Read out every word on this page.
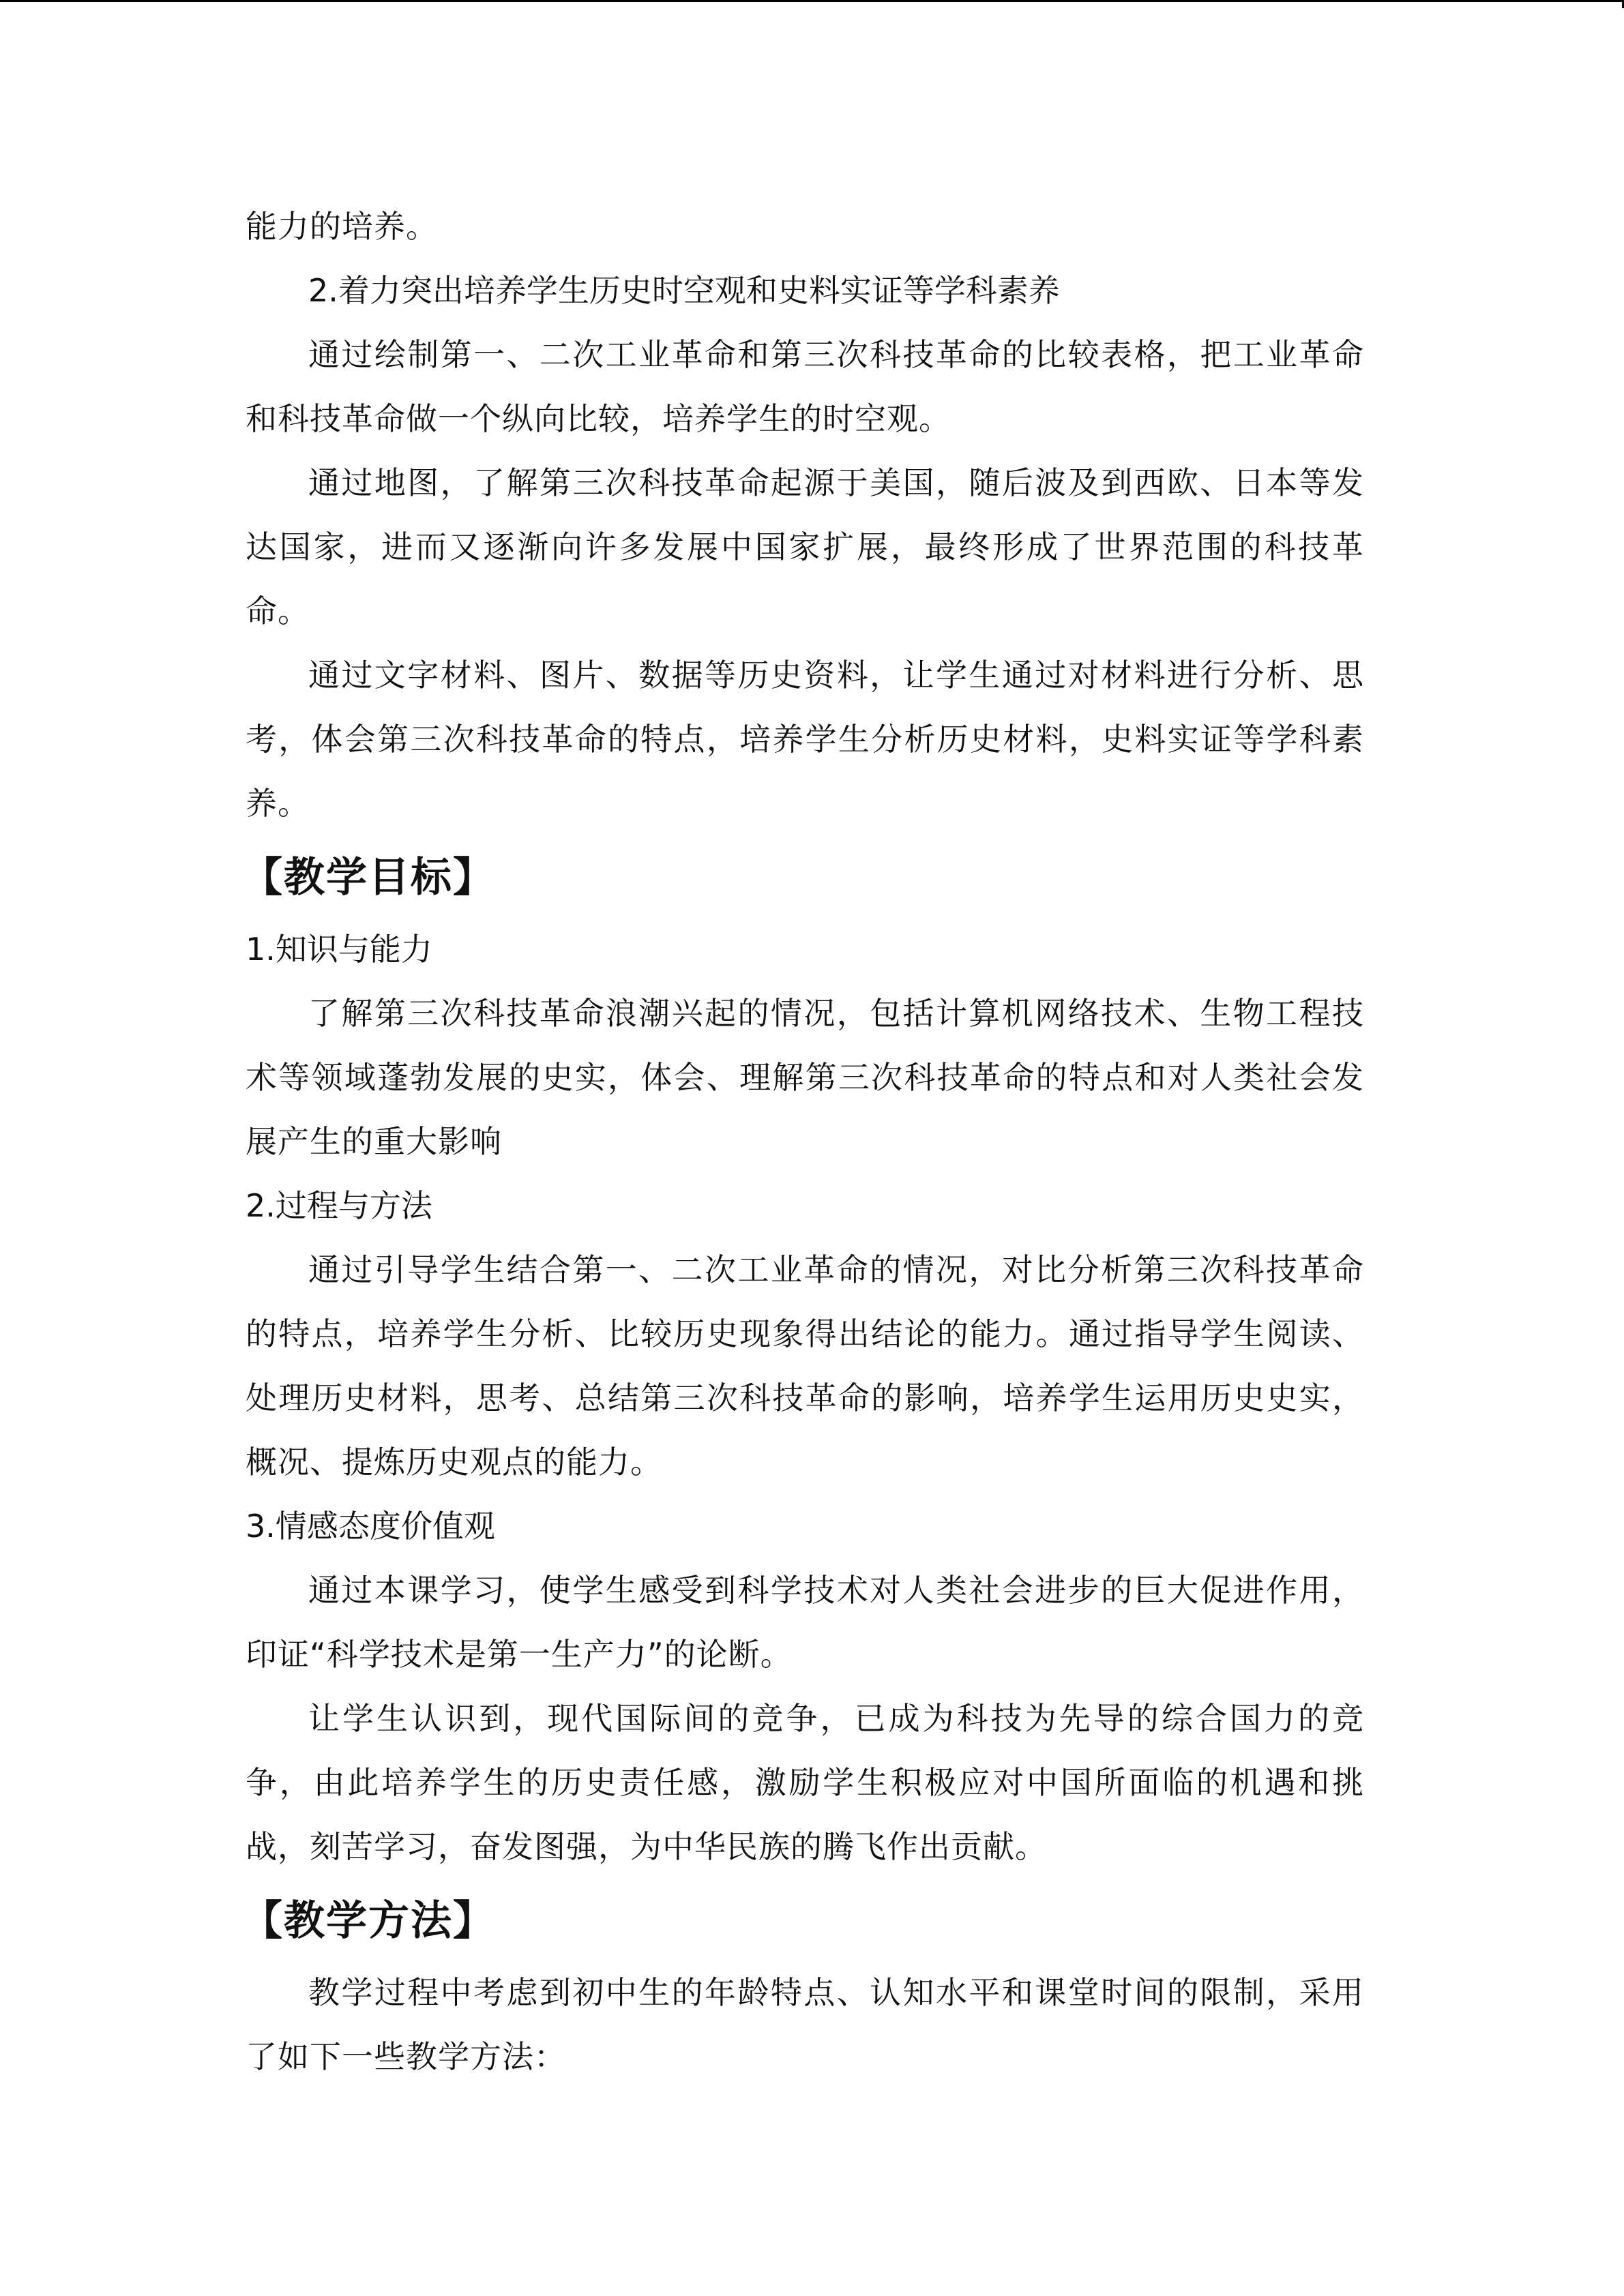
能力的培养。

2.着力突出培养学生历史时空观和史料实证等学科素养

通过绘制第一、二次工业革命和第三次科技革命的比较表格，把工业革命和科技革命做一个纵向比较，培养学生的时空观。

通过地图，了解第三次科技革命起源于美国，随后波及到西欧、日本等发达国家，进而又逐渐向许多发展中国家扩展，最终形成了世界范围的科技革命。

通过文字材料、图片、数据等历史资料，让学生通过对材料进行分析、思考，体会第三次科技革命的特点，培养学生分析历史材料，史料实证等学科素养。

【教学目标】

1.知识与能力

了解第三次科技革命浪潮兴起的情况，包括计算机网络技术、生物工程技术等领域蓬勃发展的史实，体会、理解第三次科技革命的特点和对人类社会发展产生的重大影响

2.过程与方法

通过引导学生结合第一、二次工业革命的情况，对比分析第三次科技革命的特点，培养学生分析、比较历史现象得出结论的能力。通过指导学生阅读、处理历史材料，思考、总结第三次科技革命的影响，培养学生运用历史史实，概况、提炼历史观点的能力。

3.情感态度价值观

通过本课学习，使学生感受到科学技术对人类社会进步的巨大促进作用，印证“科学技术是第一生产力”的论断。

让学生认识到，现代国际间的竞争，已成为科技为先导的综合国力的竞争，由此培养学生的历史责任感，激励学生积极应对中国所面临的机遇和挑战，刻苦学习，奋发图强，为中华民族的腾飞作出贡献。

【教学方法】

教学过程中考虑到初中生的年龄特点、认知水平和课堂时间的限制，采用了如下一些教学方法：
